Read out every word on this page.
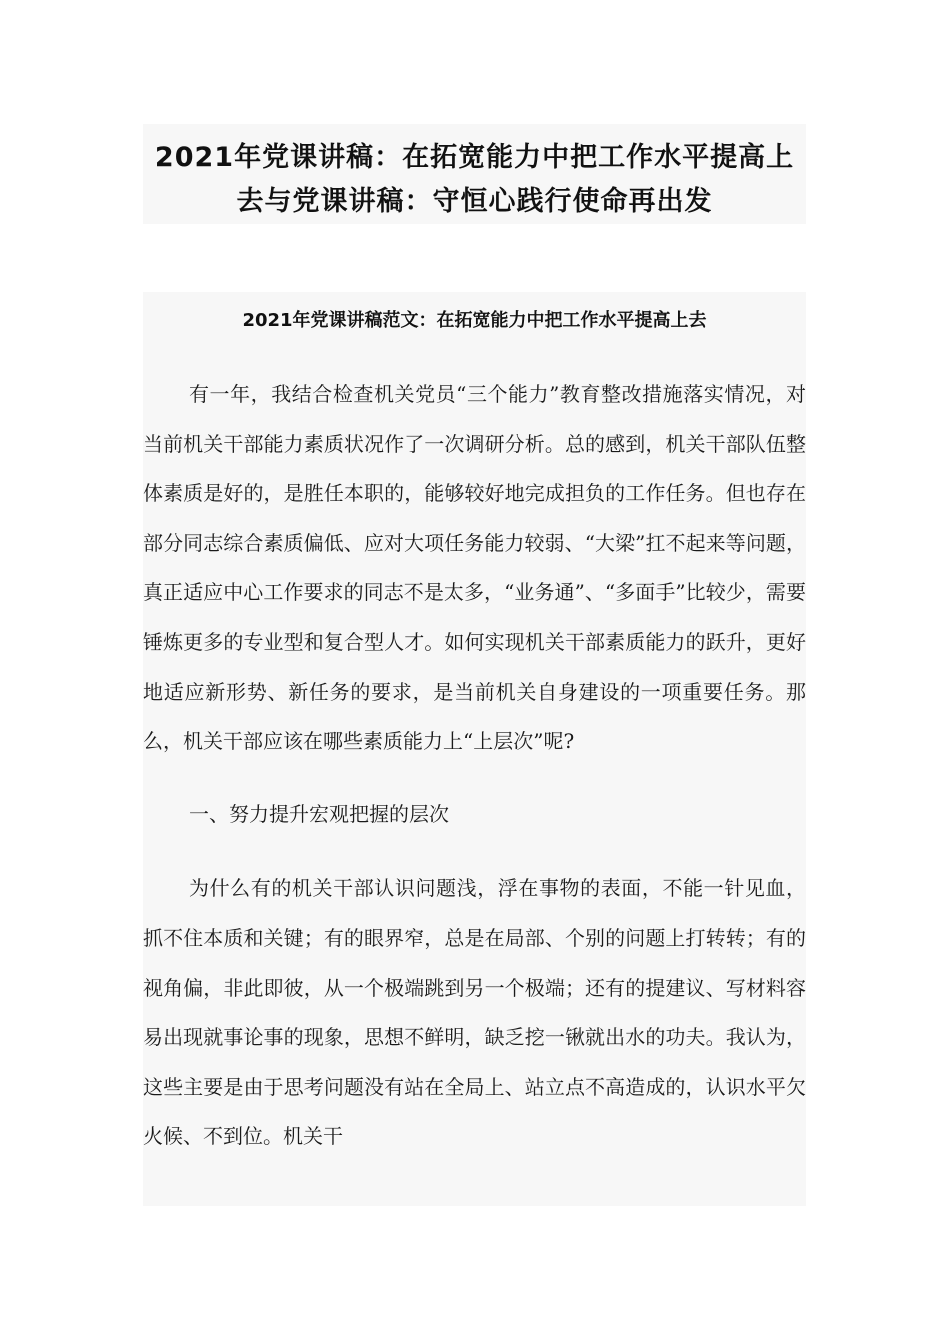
2021年党课讲稿：在拓宽能力中把工作水平提高上
去与党课讲稿：守恒心践行使命再出发
2021年党课讲稿范文：在拓宽能力中把工作水平提高上去

有一年，我结合检查机关党员“三个能力”教育整改措施落实情况，对当前机关干部能力素质状况作了一次调研分析。总的感到，机关干部队伍整体素质是好的，是胜任本职的，能够较好地完成担负的工作任务。但也存在部分同志综合素质偏低、应对大项任务能力较弱、“大梁”扛不起来等问题，真正适应中心工作要求的同志不是太多，“业务通”、“多面手”比较少，需要锤炼更多的专业型和复合型人才。如何实现机关干部素质能力的跃升，更好地适应新形势、新任务的要求，是当前机关自身建设的一项重要任务。那么，机关干部应该在哪些素质能力上“上层次”呢?

一、努力提升宏观把握的层次

为什么有的机关干部认识问题浅，浮在事物的表面，不能一针见血，抓不住本质和关键；有的眼界窄，总是在局部、个别的问题上打转转；有的视角偏，非此即彼，从一个极端跳到另一个极端；还有的提建议、写材料容易出现就事论事的现象，思想不鲜明，缺乏挖一锹就出水的功夫。我认为，这些主要是由于思考问题没有站在全局上、站立点不高造成的，认识水平欠火候、不到位。机关干
